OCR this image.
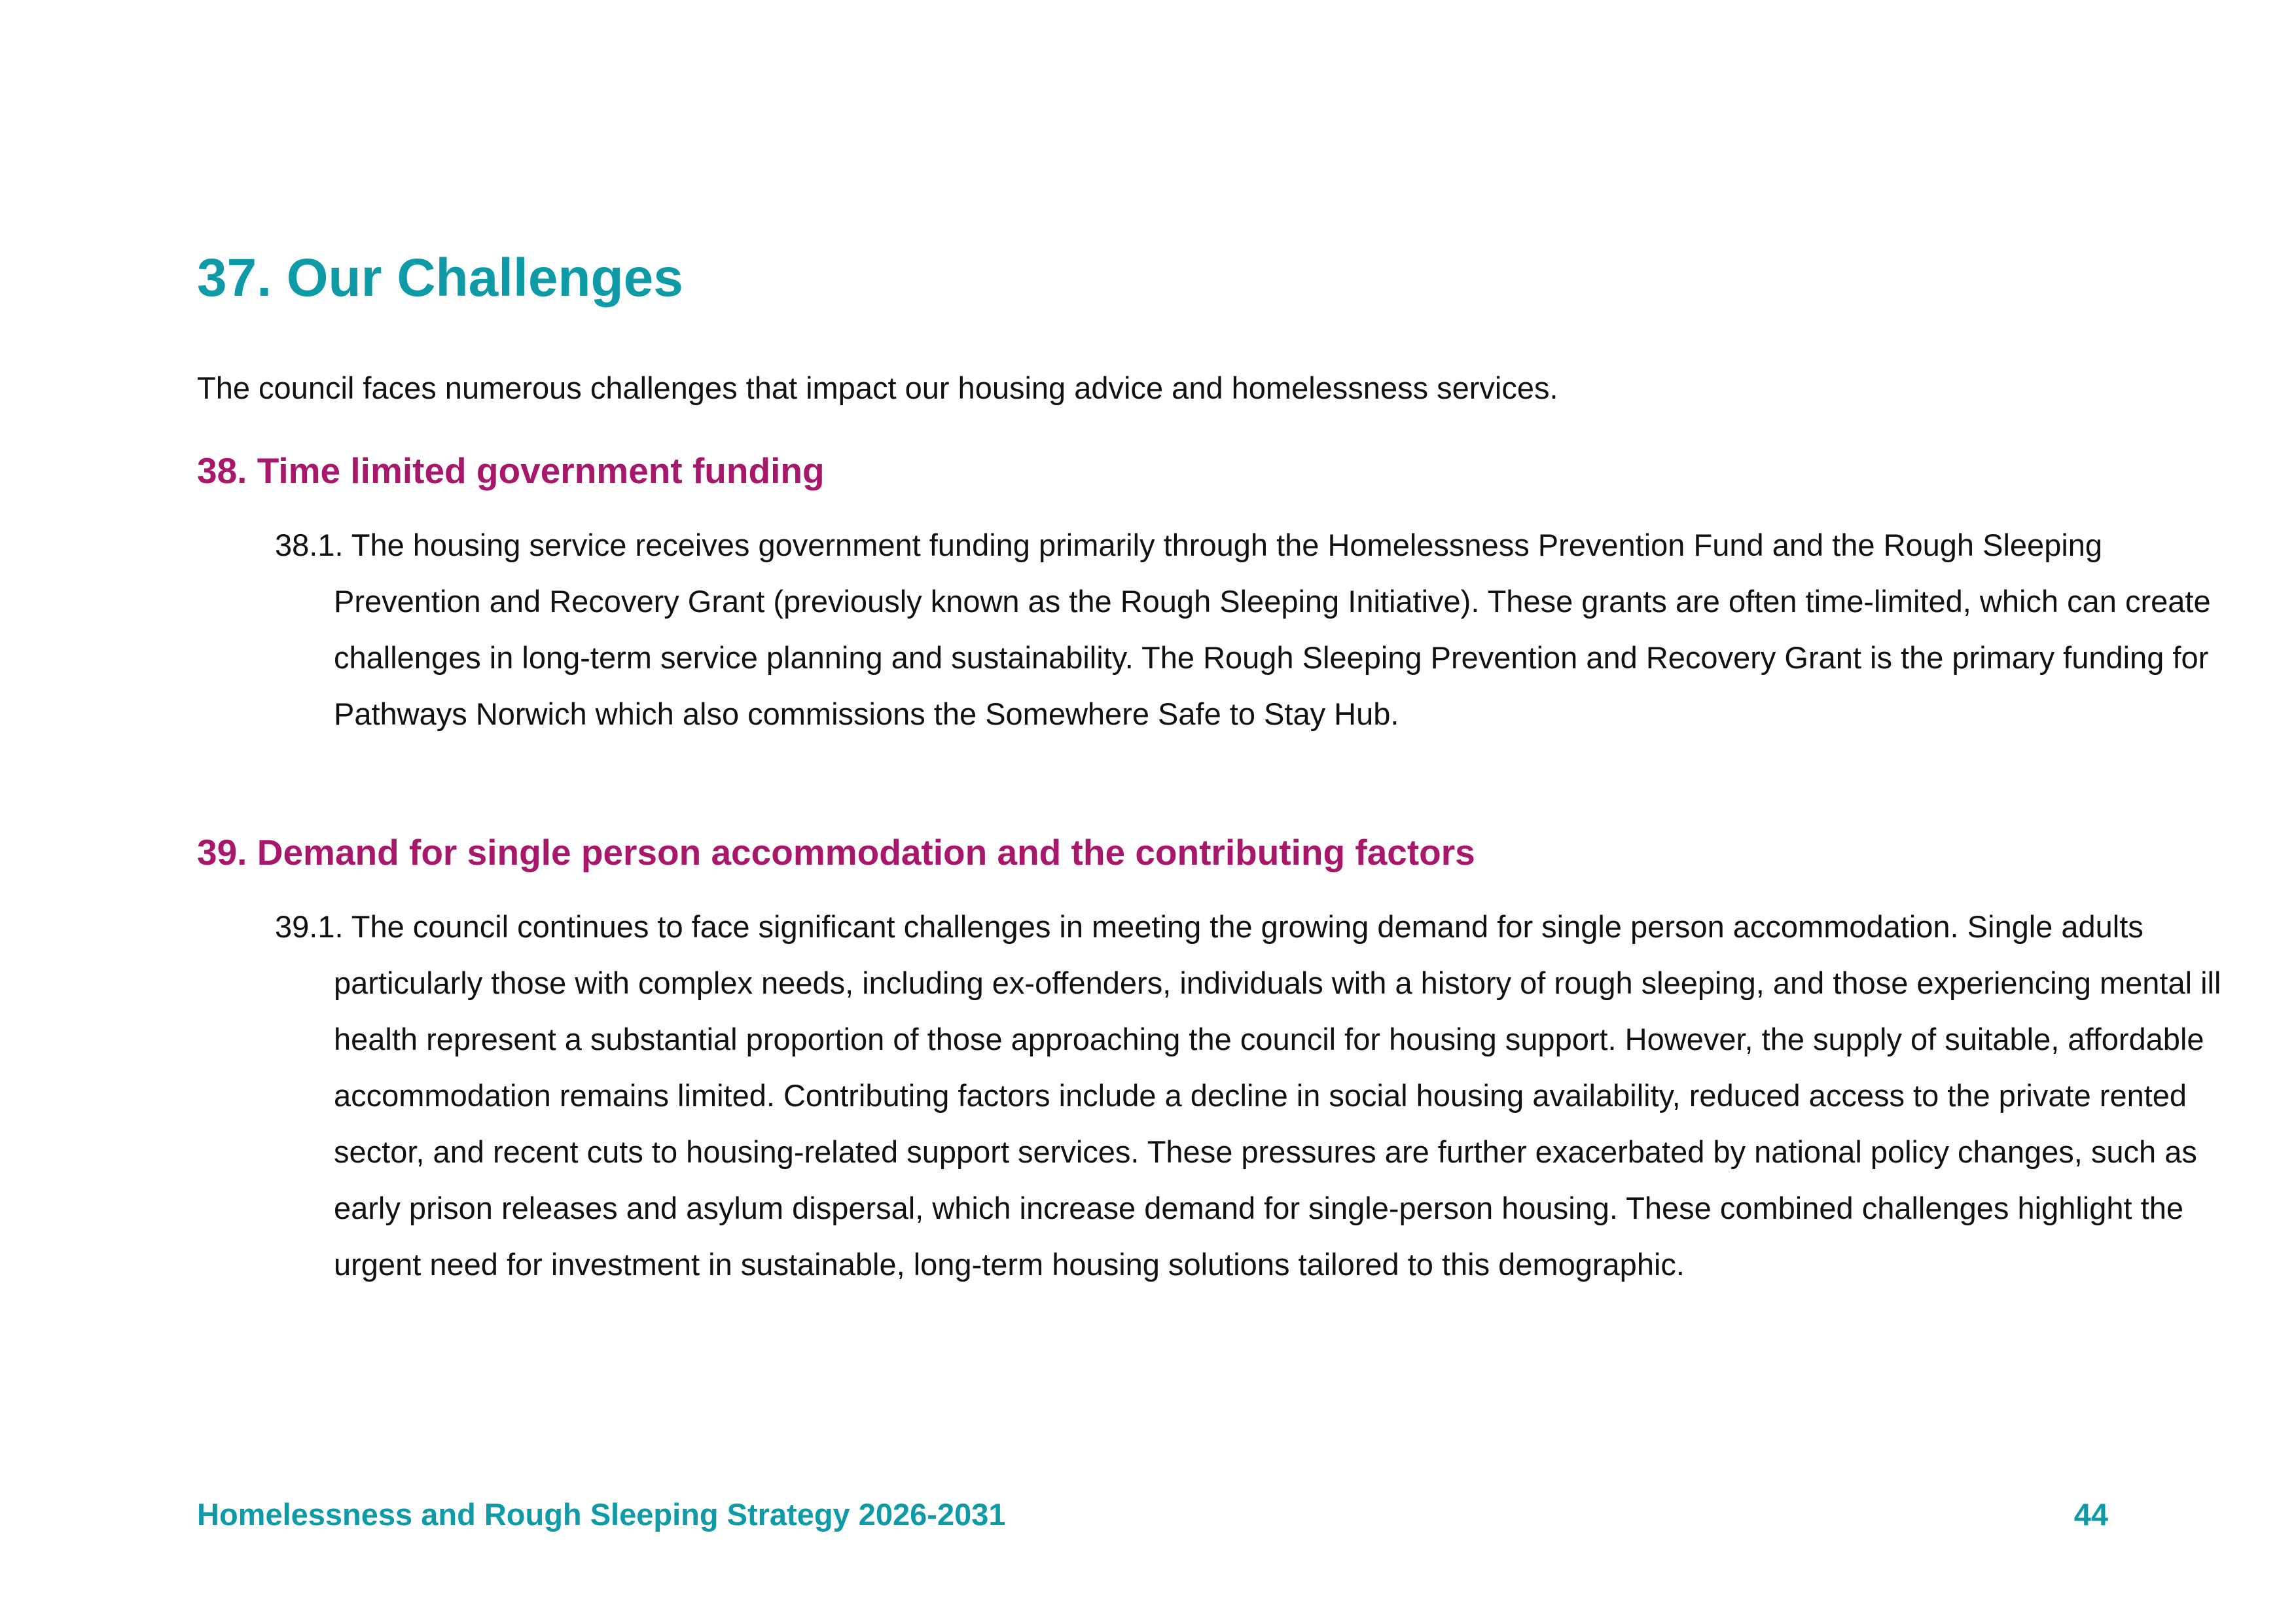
37. Our Challenges

The council faces numerous challenges that impact our housing advice and homelessness services.

38. Time limited government funding

38.1. The housing service receives government funding primarily through the Homelessness Prevention Fund and the Rough Sleeping Prevention and Recovery Grant (previously known as the Rough Sleeping Initiative). These grants are often time-limited, which can create challenges in long-term service planning and sustainability. The Rough Sleeping Prevention and Recovery Grant is the primary funding for Pathways Norwich which also commissions the Somewhere Safe to Stay Hub.

39. Demand for single person accommodation and the contributing factors

39.1. The council continues to face significant challenges in meeting the growing demand for single person accommodation. Single adults particularly those with complex needs, including ex-offenders, individuals with a history of rough sleeping, and those experiencing mental ill health represent a substantial proportion of those approaching the council for housing support. However, the supply of suitable, affordable accommodation remains limited. Contributing factors include a decline in social housing availability, reduced access to the private rented sector, and recent cuts to housing-related support services. These pressures are further exacerbated by national policy changes, such as early prison releases and asylum dispersal, which increase demand for single-person housing. These combined challenges highlight the urgent need for investment in sustainable, long-term housing solutions tailored to this demographic.

Homelessness and Rough Sleeping Strategy 2026-2031	44
